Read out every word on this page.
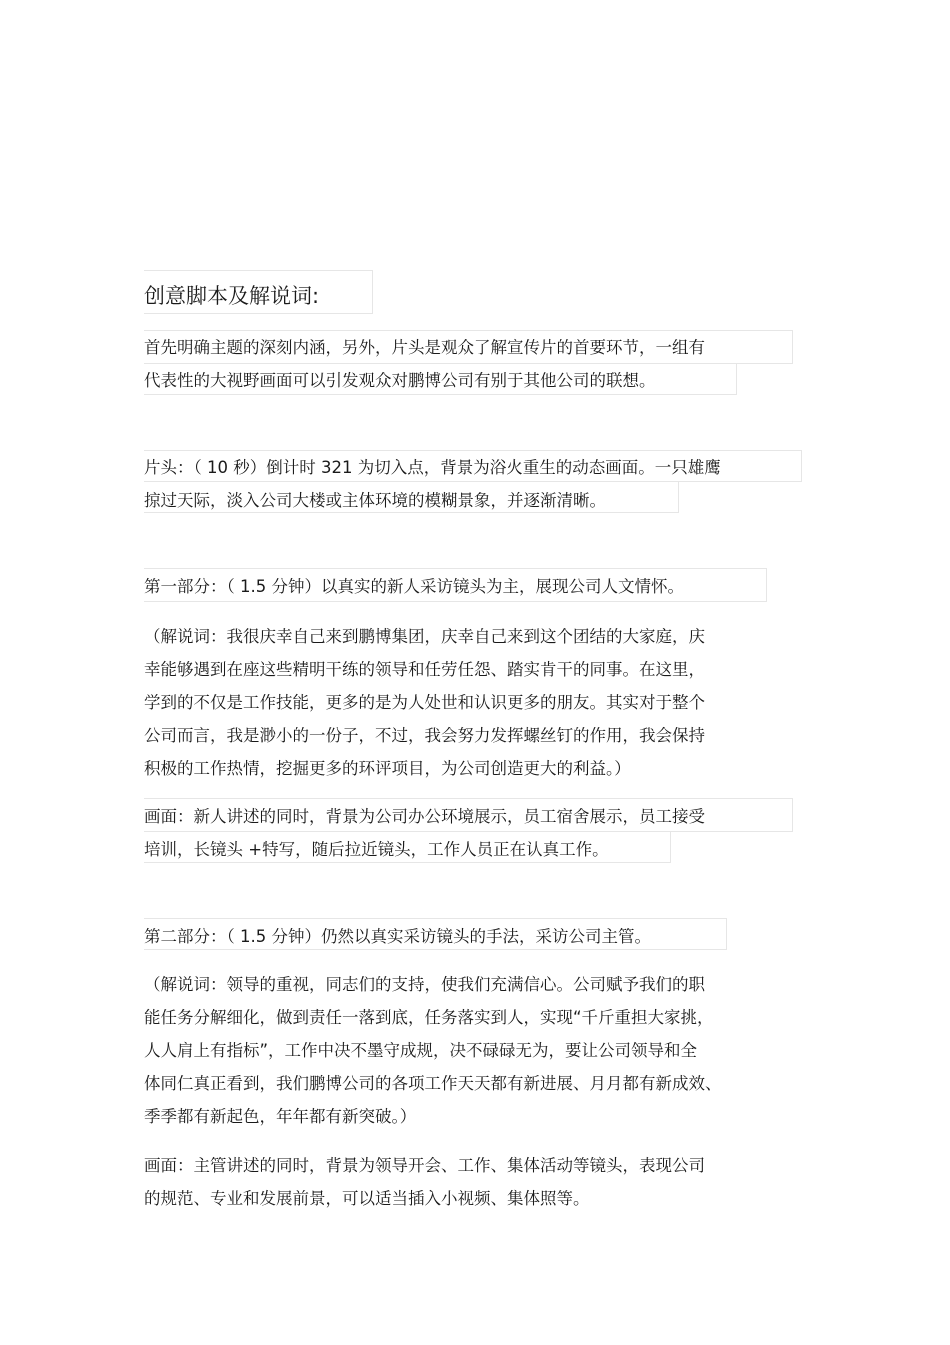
创意脚本及解说词:
首先明确主题的深刻内涵，另外，片头是观众了解宣传片的首要环节，一组有
代表性的大视野画面可以引发观众对鹏博公司有别于其他公司的联想。
片头：（ 10 秒）倒计时 321 为切入点，背景为浴火重生的动态画面。一只雄鹰
掠过天际，淡入公司大楼或主体环境的模糊景象，并逐渐清晰。
第一部分：（ 1.5 分钟）以真实的新人采访镜头为主，展现公司人文情怀。
（解说词：我很庆幸自己来到鹏博集团，庆幸自己来到这个团结的大家庭，庆
幸能够遇到在座这些精明干练的领导和任劳任怨、踏实肯干的同事。在这里，
学到的不仅是工作技能，更多的是为人处世和认识更多的朋友。其实对于整个
公司而言，我是渺小的一份子，不过，我会努力发挥螺丝钉的作用，我会保持
积极的工作热情，挖掘更多的环评项目，为公司创造更大的利益。）
画面：新人讲述的同时，背景为公司办公环境展示，员工宿舍展示，员工接受
培训，长镜头 +特写，随后拉近镜头，工作人员正在认真工作。
第二部分：（ 1.5 分钟）仍然以真实采访镜头的手法，采访公司主管。
（解说词：领导的重视，同志们的支持，使我们充满信心。公司赋予我们的职
能任务分解细化，做到责任一落到底，任务落实到人，实现“千斤重担大家挑，
人人肩上有指标”，工作中决不墨守成规，决不碌碌无为，要让公司领导和全
体同仁真正看到，我们鹏博公司的各项工作天天都有新进展、月月都有新成效、
季季都有新起色，年年都有新突破。）
画面：主管讲述的同时，背景为领导开会、工作、集体活动等镜头，表现公司
的规范、专业和发展前景，可以适当插入小视频、集体照等。
